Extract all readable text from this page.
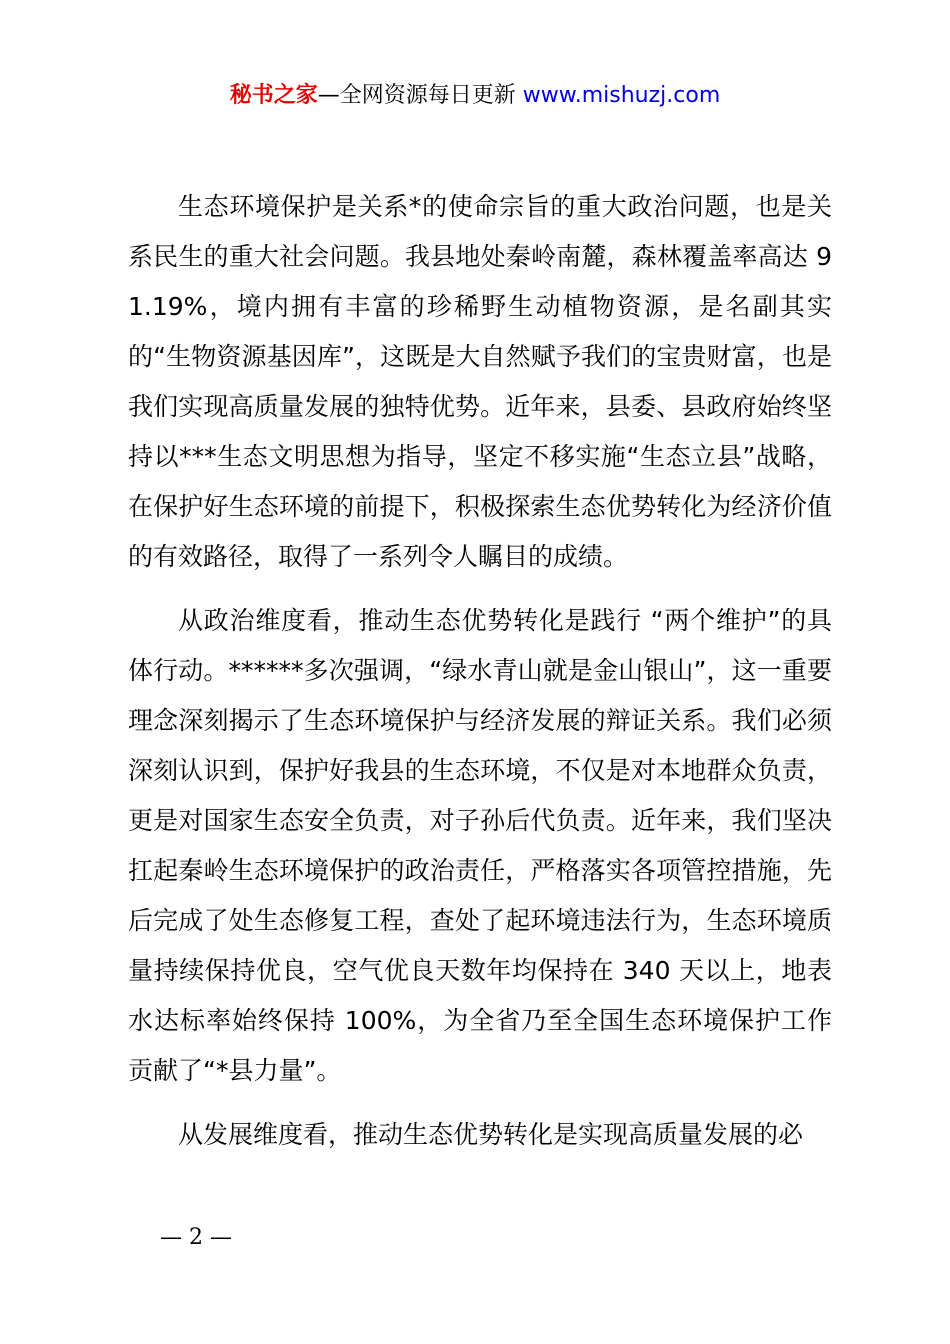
秘书之家—全网资源每日更新 www.mishuzj.com

生态环境保护是关系*的使命宗旨的重大政治问题，也是关系民生的重大社会问题。我县地处秦岭南麓，森林覆盖率高达 91.19%，境内拥有丰富的珍稀野生动植物资源，是名副其实的“生物资源基因库”，这既是大自然赋予我们的宝贵财富，也是我们实现高质量发展的独特优势。近年来，县委、县政府始终坚持以***生态文明思想为指导，坚定不移实施“生态立县”战略，在保护好生态环境的前提下，积极探索生态优势转化为经济价值的有效路径，取得了一系列令人瞩目的成绩。

从政治维度看，推动生态优势转化是践行 “两个维护”的具体行动。******多次强调，“绿水青山就是金山银山”，这一重要理念深刻揭示了生态环境保护与经济发展的辩证关系。我们必须深刻认识到，保护好我县的生态环境，不仅是对本地群众负责，更是对国家生态安全负责，对子孙后代负责。近年来，我们坚决扛起秦岭生态环境保护的政治责任，严格落实各项管控措施，先后完成了处生态修复工程，查处了起环境违法行为，生态环境质量持续保持优良，空气优良天数年均保持在 340 天以上，地表水达标率始终保持 100%，为全省乃至全国生态环境保护工作贡献了“*县力量”。

从发展维度看，推动生态优势转化是实现高质量发展的必

— 2 —
